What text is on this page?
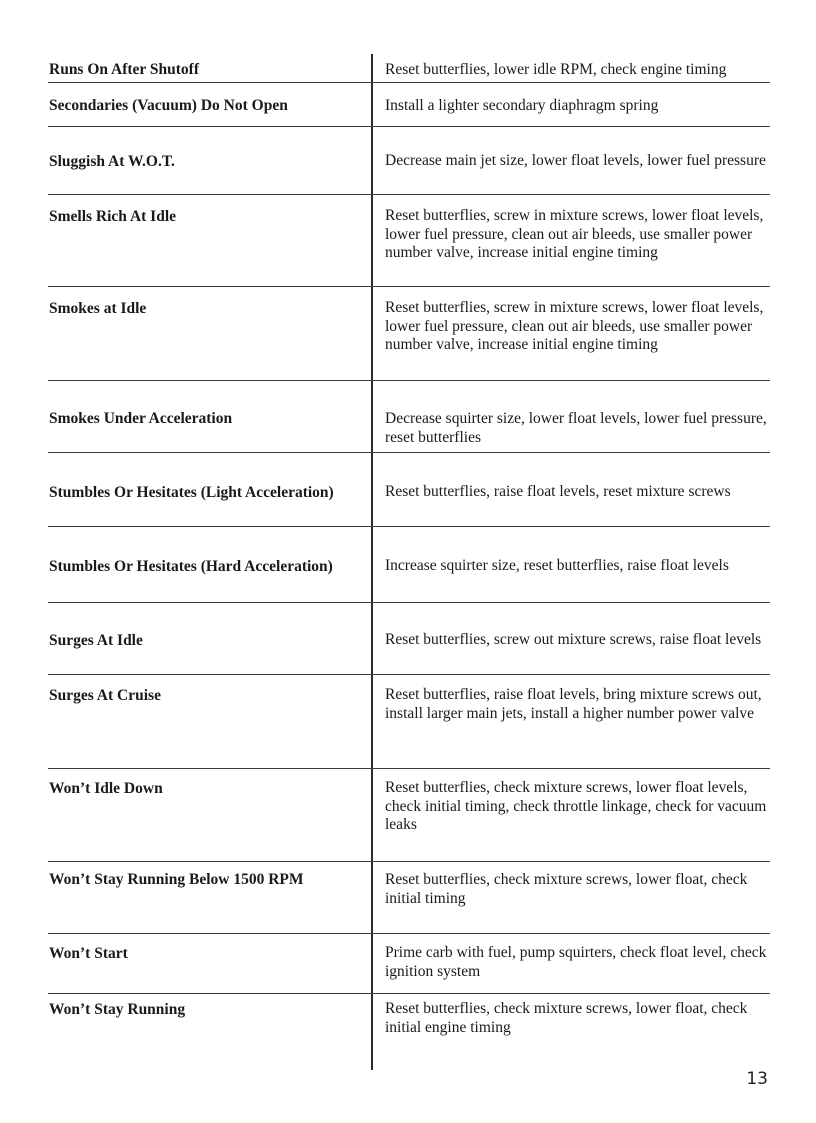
Runs On After Shutoff	Reset butterflies, lower idle RPM, check engine timing
Secondaries (Vacuum) Do Not Open	Install a lighter secondary diaphragm spring
Sluggish At W.O.T.	Decrease main jet size, lower float levels, lower fuel pressure
Smells Rich At Idle	Reset butterflies, screw in mixture screws, lower float levels, lower fuel pressure, clean out air bleeds, use smaller power number valve, increase initial engine timing
Smokes at Idle	Reset butterflies, screw in mixture screws, lower float levels, lower fuel pressure, clean out air bleeds, use smaller power number valve, increase initial engine timing
Smokes Under Acceleration	Decrease squirter size, lower float levels, lower fuel pressure, reset butterflies
Stumbles Or Hesitates (Light Acceleration)	Reset butterflies, raise float levels, reset mixture screws
Stumbles Or Hesitates (Hard Acceleration)	Increase squirter size, reset butterflies, raise float levels
Surges At Idle	Reset butterflies, screw out mixture screws, raise float levels
Surges At Cruise	Reset butterflies, raise float levels, bring mixture screws out, install larger main jets, install a higher number power valve
Won’t Idle Down	Reset butterflies, check mixture screws, lower float levels, check initial timing, check throttle linkage, check for vacuum leaks
Won’t Stay Running Below 1500 RPM	Reset butterflies, check mixture screws, lower float, check initial timing
Won’t Start	Prime carb with fuel, pump squirters, check float level, check ignition system
Won’t Stay Running	Reset butterflies, check mixture screws, lower float, check initial engine timing
13
